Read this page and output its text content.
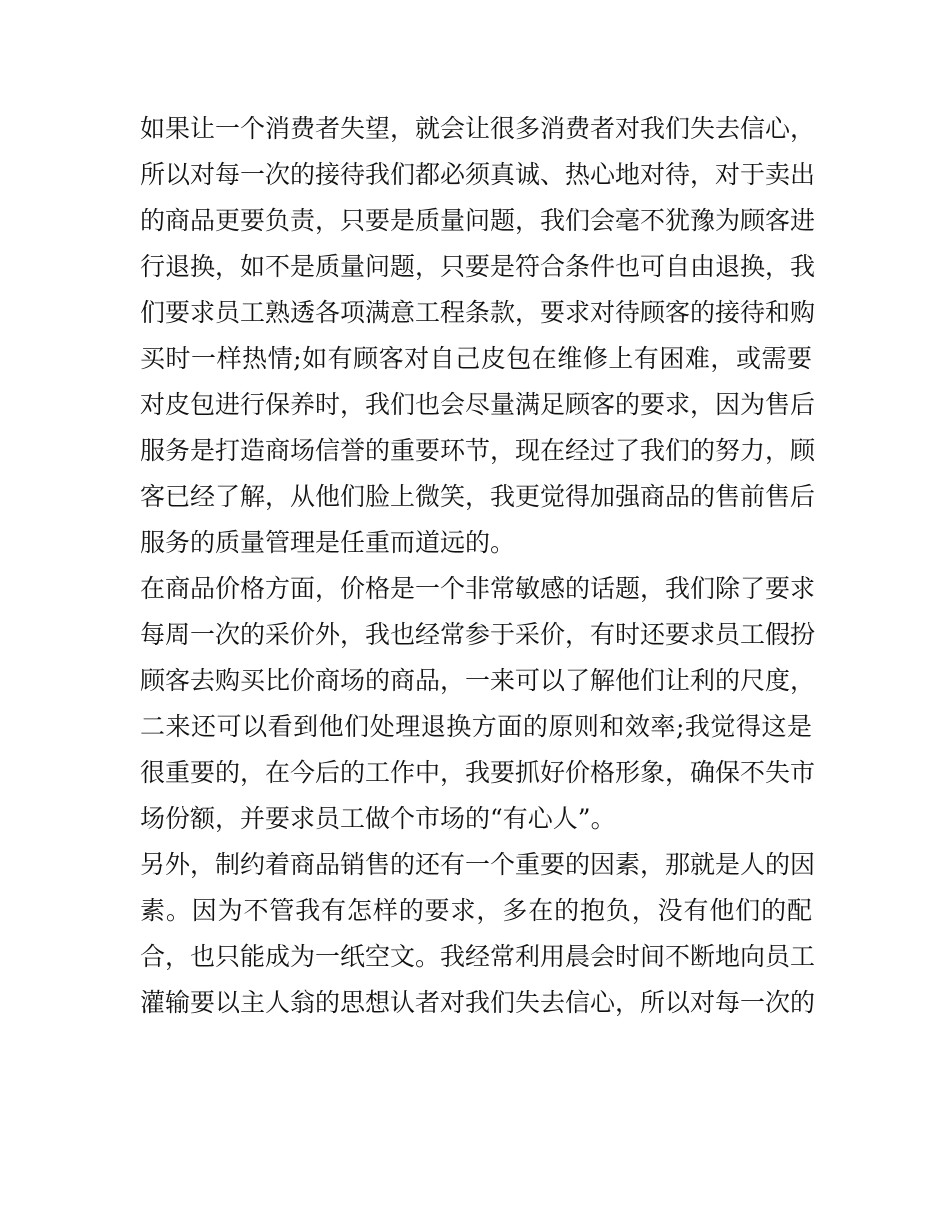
如果让一个消费者失望，就会让很多消费者对我们失去信心，
所以对每一次的接待我们都必须真诚、热心地对待，对于卖出
的商品更要负责，只要是质量问题，我们会毫不犹豫为顾客进
行退换，如不是质量问题，只要是符合条件也可自由退换，我
们要求员工熟透各项满意工程条款，要求对待顾客的接待和购
买时一样热情;如有顾客对自己皮包在维修上有困难，或需要
对皮包进行保养时，我们也会尽量满足顾客的要求，因为售后
服务是打造商场信誉的重要环节，现在经过了我们的努力，顾
客已经了解，从他们脸上微笑，我更觉得加强商品的售前售后
服务的质量管理是任重而道远的。
在商品价格方面，价格是一个非常敏感的话题，我们除了要求
每周一次的采价外，我也经常参于采价，有时还要求员工假扮
顾客去购买比价商场的商品，一来可以了解他们让利的尺度，
二来还可以看到他们处理退换方面的原则和效率;我觉得这是
很重要的，在今后的工作中，我要抓好价格形象，确保不失市
场份额，并要求员工做个市场的“有心人”。
另外，制约着商品销售的还有一个重要的因素，那就是人的因
素。因为不管我有怎样的要求，多在的抱负，没有他们的配
合，也只能成为一纸空文。我经常利用晨会时间不断地向员工
灌输要以主人翁的思想认者对我们失去信心，所以对每一次的
